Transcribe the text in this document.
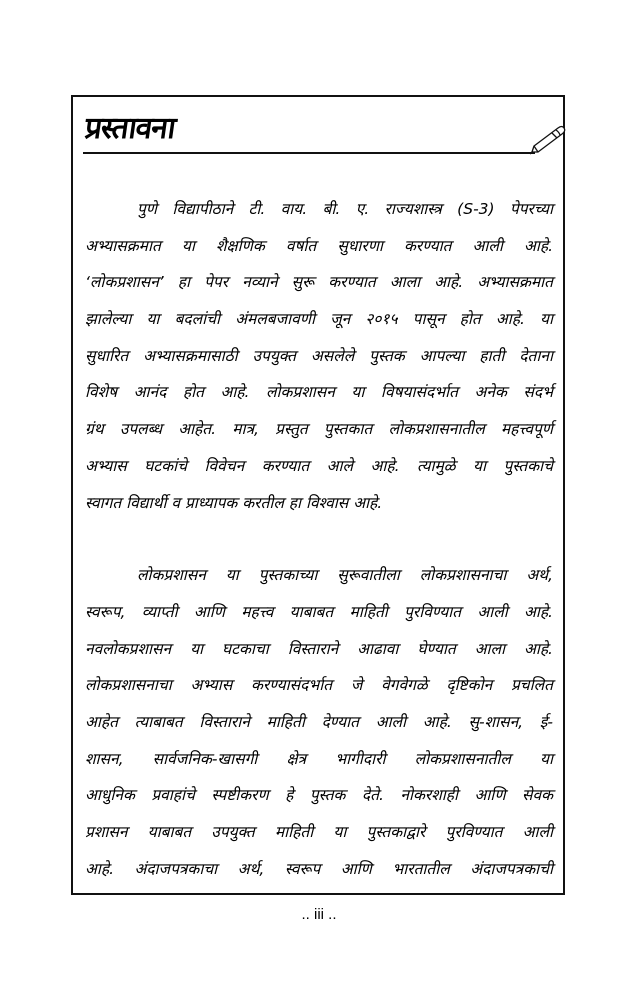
प्रस्तावना
पुणे विद्यापीठाने टी. वाय. बी. ए. राज्यशास्त्र (S-3) पेपरच्या
अभ्यासक्रमात या शैक्षणिक वर्षात सुधारणा करण्यात आली आहे.
‘लोकप्रशासन’ हा पेपर नव्याने सुरू करण्यात आला आहे. अभ्यासक्रमात
झालेल्या या बदलांची अंमलबजावणी जून २०१५ पासून होत आहे. या
सुधारित अभ्यासक्रमासाठी उपयुक्त असलेले पुस्तक आपल्या हाती देताना
विशेष आनंद होत आहे. लोकप्रशासन या विषयासंदर्भात अनेक संदर्भ
ग्रंथ उपलब्ध आहेत. मात्र, प्रस्तुत पुस्तकात लोकप्रशासनातील महत्त्वपूर्ण
अभ्यास घटकांचे विवेचन करण्यात आले आहे. त्यामुळे या पुस्तकाचे
स्वागत विद्यार्थी व प्राध्यापक करतील हा विश्वास आहे.
लोकप्रशासन या पुस्तकाच्या सुरूवातीला लोकप्रशासनाचा अर्थ,
स्वरूप, व्याप्ती आणि महत्त्व याबाबत माहिती पुरविण्यात आली आहे.
नवलोकप्रशासन या घटकाचा विस्ताराने आढावा घेण्यात आला आहे.
लोकप्रशासनाचा अभ्यास करण्यासंदर्भात जे वेगवेगळे दृष्टिकोन प्रचलित
आहेत त्याबाबत विस्ताराने माहिती देण्यात आली आहे. सु-शासन, ई-
शासन, सार्वजनिक-खासगी क्षेत्र भागीदारी लोकप्रशासनातील या
आधुनिक प्रवाहांचे स्पष्टीकरण हे पुस्तक देते. नोकरशाही आणि सेवक
प्रशासन याबाबत उपयुक्त माहिती या पुस्तकाद्वारे पुरविण्यात आली
आहे. अंदाजपत्रकाचा अर्थ, स्वरूप आणि भारतातील अंदाजपत्रकाची
.. iii ..
